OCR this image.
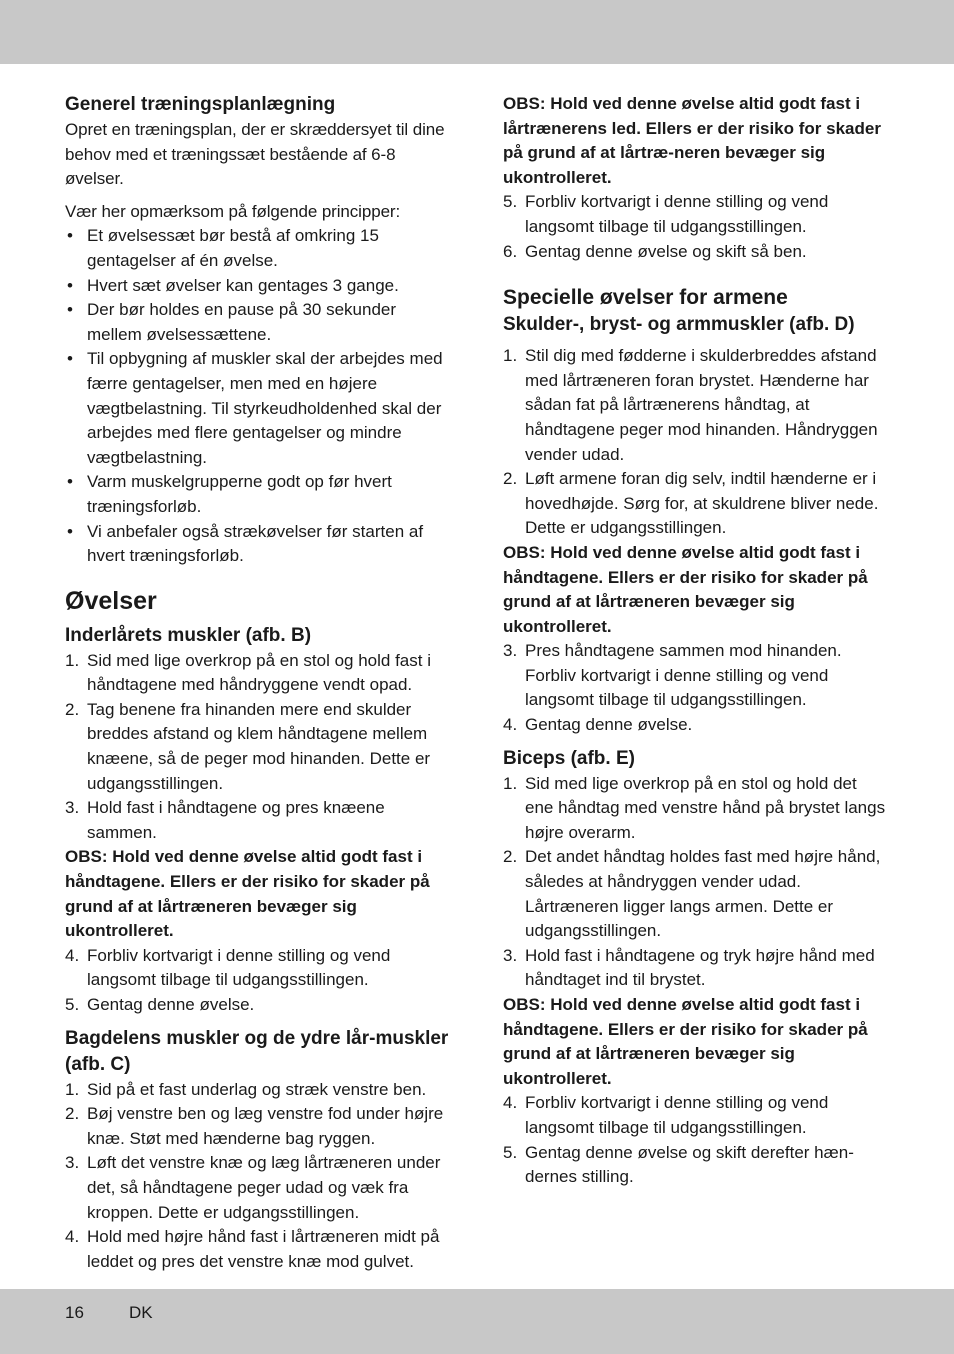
Generel træningsplanlægning

Opret en træningsplan, der er skræddersyet til dine behov med et træningssæt bestående af 6-8 øvelser.

Vær her opmærksom på følgende principper:

• Et øvelsessæt bør bestå af omkring 15 gentagelser af én øvelse.
• Hvert sæt øvelser kan gentages 3 gange.
• Der bør holdes en pause på 30 sekunder mellem øvelsessættene.
• Til opbygning af muskler skal der arbejdes med færre gentagelser, men med en højere vægtbelastning. Til styrkeudholdenhed skal der arbejdes med flere gentagelser og mindre vægtbelastning.
• Varm muskelgrupperne godt op før hvert træningsforløb.
• Vi anbefaler også strækøvelser før starten af hvert træningsforløb.
Øvelser
Inderlårets muskler (afb. B)
1. Sid med lige overkrop på en stol og hold fast i håndtagene med håndryggene vendt opad.
2. Tag benene fra hinanden mere end skulder breddes afstand og klem håndtagene mellem knæene, så de peger mod hinanden. Dette er udgangsstillingen.
3. Hold fast i håndtagene og pres knæene sammen.

OBS: Hold ved denne øvelse altid godt fast i håndtagene. Ellers er der risiko for skader på grund af at lårtræneren bevæger sig ukontrolleret.

4. Forbliv kortvarigt i denne stilling og vend langsomt tilbage til udgangsstillingen.
5. Gentag denne øvelse.
Bagdelens muskler og de ydre lår-muskler (afb. C)
1. Sid på et fast underlag og stræk venstre ben.
2. Bøj venstre ben og læg venstre fod under højre knæ. Støt med hænderne bag ryggen.
3. Løft det venstre knæ og læg lårtræneren under det, så håndtagene peger udad og væk fra kroppen. Dette er udgangsstillingen.
4. Hold med højre hånd fast i lårtræneren midt på leddet og pres det venstre knæ mod gulvet.

OBS: Hold ved denne øvelse altid godt fast i lårtrænerens led. Ellers er der risiko for skader på grund af at lårtræ-neren bevæger sig ukontrolleret.

5. Forbliv kortvarigt i denne stilling og vend langsomt tilbage til udgangsstillingen.
6. Gentag denne øvelse og skift så ben.
Specielle øvelser for armene
Skulder-, bryst- og armmuskler (afb. D)
1. Stil dig med fødderne i skulderbreddes afstand med lårtræneren foran brystet. Hænderne har sådan fat på lårtrænerens håndtag, at håndtagene peger mod hinanden. Håndryggen vender udad.
2. Løft armene foran dig selv, indtil hænderne er i hovedhøjde. Sørg for, at skuldrene bliver nede. Dette er udgangsstillingen.

OBS: Hold ved denne øvelse altid godt fast i håndtagene. Ellers er der risiko for skader på grund af at lårtræneren bevæger sig ukontrolleret.

3. Pres håndtagene sammen mod hinanden. Forbliv kortvarigt i denne stilling og vend langsomt tilbage til udgangsstillingen.
4. Gentag denne øvelse.
Biceps (afb. E)
1. Sid med lige overkrop på en stol og hold det ene håndtag med venstre hånd på brystet langs højre overarm.
2. Det andet håndtag holdes fast med højre hånd, således at håndryggen vender udad. Lårtræneren ligger langs armen. Dette er udgangsstillingen.
3. Hold fast i håndtagene og tryk højre hånd med håndtaget ind til brystet.

OBS: Hold ved denne øvelse altid godt fast i håndtagene. Ellers er der risiko for skader på grund af at lårtræneren bevæger sig ukontrolleret.

4. Forbliv kortvarigt i denne stilling og vend langsomt tilbage til udgangsstillingen.
5. Gentag denne øvelse og skift derefter hæn-dernes stilling.
16	DK
